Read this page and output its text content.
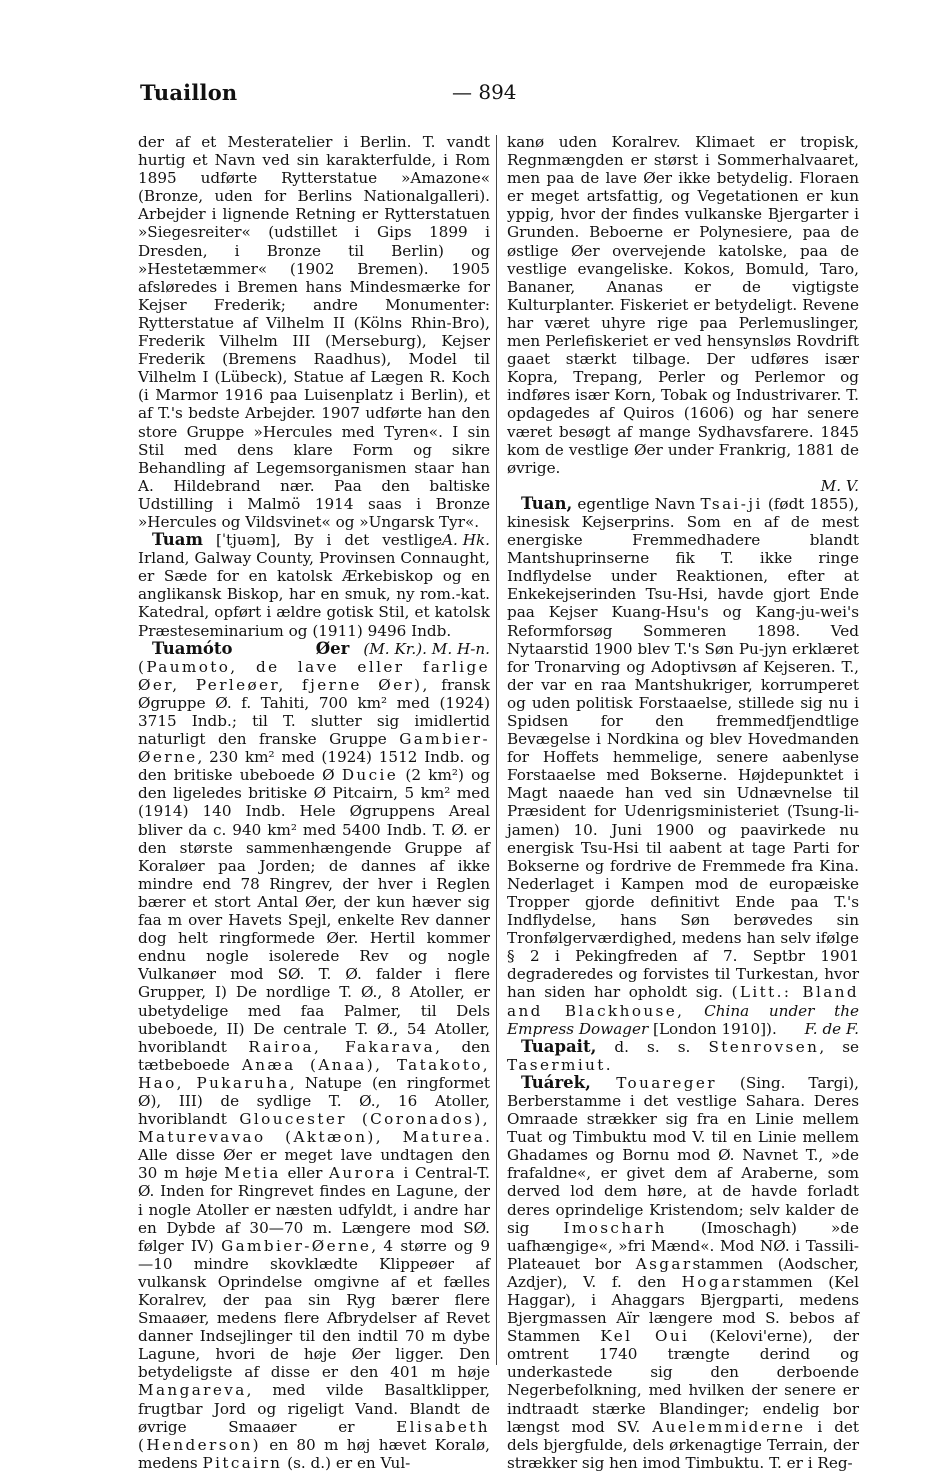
Tuaillon	— 894

der af et Mesteratelier i Berlin. T. vandt hurtig et Navn ved sin karakterfulde, i Rom 1895 udførte Rytterstatue »Amazone« (Bronze, uden for Berlins Nationalgalleri). Arbejder i lignende Retning er Rytterstatuen »Siegesreiter« (udstillet i Gips 1899 i Dresden, i Bronze til Berlin) og »Hestetæmmer« (1902 Bremen). 1905 afsløredes i Bremen hans Mindesmærke for Kejser Frederik; andre Monumenter: Rytterstatue af Vilhelm II (Kölns Rhin-Bro), Frederik Vilhelm III (Merseburg), Kejser Frederik (Bremens Raadhus), Model til Vilhelm I (Lübeck), Statue af Lægen R. Koch (i Marmor 1916 paa Luisenplatz i Berlin), et af T.'s bedste Arbejder. 1907 udførte han den store Gruppe »Hercules med Tyren«. I sin Stil med dens klare Form og sikre Behandling af Legemsorganismen staar han A. Hildebrand nær. Paa den baltiske Udstilling i Malmö 1914 saas i Bronze »Hercules og Vildsvinet« og »Ungarsk Tyr«.
A. Hk.

Tuam [ˈtjuəm], By i det vestlige Irland, Galway County, Provinsen Connaught, er Sæde for en katolsk Ærkebiskop og en anglikansk Biskop, har en smuk, ny rom.-kat. Katedral, opført i ældre gotisk Stil, et katolsk Præsteseminarium og (1911) 9496 Indb.
(M. Kr.). M. H-n.

Tuamóto Øer (Paumoto, de lave eller farlige Øer, Perleøer, fjerne Øer), fransk Øgruppe Ø. f. Tahiti, 700 km² med (1924) 3715 Indb.; til T. slutter sig imidlertid naturligt den franske Gruppe Gambier-Øerne, 230 km² med (1924) 1512 Indb. og den britiske ubeboede Ø Ducie (2 km²) og den ligeledes britiske Ø Pitcairn, 5 km² med (1914) 140 Indb. Hele Øgruppens Areal bliver da c. 940 km² med 5400 Indb. T. Ø. er den største sammenhængende Gruppe af Koraløer paa Jorden; de dannes af ikke mindre end 78 Ringrev, der hver i Reglen bærer et stort Antal Øer, der kun hæver sig faa m over Havets Spejl, enkelte Rev danner dog helt ringformede Øer. Hertil kommer endnu nogle isolerede Rev og nogle Vulkanøer mod SØ. T. Ø. falder i flere Grupper, I) De nordlige T. Ø., 8 Atoller, er ubetydelige med faa Palmer, til Dels ubeboede, II) De centrale T. Ø., 54 Atoller, hvoriblandt Rairoa, Fakarava, den tætbeboede Anæa (Anaa), Tatakoto, Hao, Pukaruha, Natupe (en ringformet Ø), III) de sydlige T. Ø., 16 Atoller, hvoriblandt Gloucester (Coronados), Maturevavao (Aktæon), Maturea. Alle disse Øer er meget lave undtagen den 30 m høje Metia eller Aurora i Central-T. Ø. Inden for Ringrevet findes en Lagune, der i nogle Atoller er næsten udfyldt, i andre har en Dybde af 30—70 m. Længere mod SØ. følger IV) Gambier-Øerne, 4 større og 9—10 mindre skovklædte Klippeøer af vulkansk Oprindelse omgivne af et fælles Koralrev, der paa sin Ryg bærer flere Smaaøer, medens flere Afbrydelser af Revet danner Indsejlinger til den indtil 70 m dybe Lagune, hvori de høje Øer ligger. Den betydeligste af disse er den 401 m høje Mangareva, med vilde Basaltklipper, frugtbar Jord og rigeligt Vand. Blandt de øvrige Smaaøer er Elisabeth (Henderson) en 80 m høj hævet Koralø, medens Pitcairn (s. d.) er en Vul-

kanø uden Koralrev. Klimaet er tropisk, Regnmængden er størst i Sommerhalvaaret, men paa de lave Øer ikke betydelig. Floraen er meget artsfattig, og Vegetationen er kun yppig, hvor der findes vulkanske Bjergarter i Grunden. Beboerne er Polynesiere, paa de østlige Øer overvejende katolske, paa de vestlige evangeliske. Kokos, Bomuld, Taro, Bananer, Ananas er de vigtigste Kulturplanter. Fiskeriet er betydeligt. Revene har været uhyre rige paa Perlemuslinger, men Perlefiskeriet er ved hensynsløs Rovdrift gaaet stærkt tilbage. Der udføres især Kopra, Trepang, Perler og Perlemor og indføres især Korn, Tobak og Industrivarer. T. opdagedes af Quiros (1606) og har senere været besøgt af mange Sydhavsfarere. 1845 kom de vestlige Øer under Frankrig, 1881 de øvrige.
M. V.

Tuan, egentlige Navn Tsai-ji (født 1855), kinesisk Kejserprins. Som en af de mest energiske Fremmedhadere blandt Mantshuprinserne fik T. ikke ringe Indflydelse under Reaktionen, efter at Enkekejserinden Tsu-Hsi, havde gjort Ende paa Kejser Kuang-Hsu's og Kang-ju-wei's Reformforsøg Sommeren 1898. Ved Nytaarstid 1900 blev T.'s Søn Pu-jyn erklæret for Tronarving og Adoptivsøn af Kejseren. T., der var en raa Mantshukriger, korrumperet og uden politisk Forstaaelse, stillede sig nu i Spidsen for den fremmedfjendtlige Bevægelse i Nordkina og blev Hovedmanden for Hoffets hemmelige, senere aabenlyse Forstaaelse med Bokserne. Højdepunktet i Magt naaede han ved sin Udnævnelse til Præsident for Udenrigsministeriet (Tsung-li-jamen) 10. Juni 1900 og paavirkede nu energisk Tsu-Hsi til aabent at tage Parti for Bokserne og fordrive de Fremmede fra Kina. Nederlaget i Kampen mod de europæiske Tropper gjorde definitivt Ende paa T.'s Indflydelse, hans Søn berøvedes sin Tronfølgerværdighed, medens han selv ifølge § 2 i Pekingfreden af 7. Septbr 1901 degraderedes og forvistes til Turkestan, hvor han siden har opholdt sig. (Litt.: Bland and Blackhouse, China under the Empress Dowager [London 1910]).	F. de F.

Tuapait, d. s. s. Stenrovsen, se Tasermiut.

Tuárek, Touareger (Sing. Targi), Berberstamme i det vestlige Sahara. Deres Omraade strækker sig fra en Linie mellem Tuat og Timbuktu mod V. til en Linie mellem Ghadames og Bornu mod Ø. Navnet T., »de frafaldne«, er givet dem af Araberne, som derved lod dem høre, at de havde forladt deres oprindelige Kristendom; selv kalder de sig Imoscharh (Imoschagh) »de uafhængige«, »fri Mænd«. Mod NØ. i Tassili-Plateauet bor Asgarstammen (Aodscher, Azdjer), V. f. den Hogarstammen (Kel Haggar), i Ahaggars Bjergparti, medens Bjergmassen Aïr længere mod S. bebos af Stammen Kel Oui (Kelovi'erne), der omtrent 1740 trængte derind og underkastede sig den derboende Negerbefolkning, med hvilken der senere er indtraadt stærke Blandinger; endelig bor længst mod SV. Auelemmiderne i det dels bjergfulde, dels ørkenagtige Terrain, der strækker sig hen imod Timbuktu. T. er i Reg-
